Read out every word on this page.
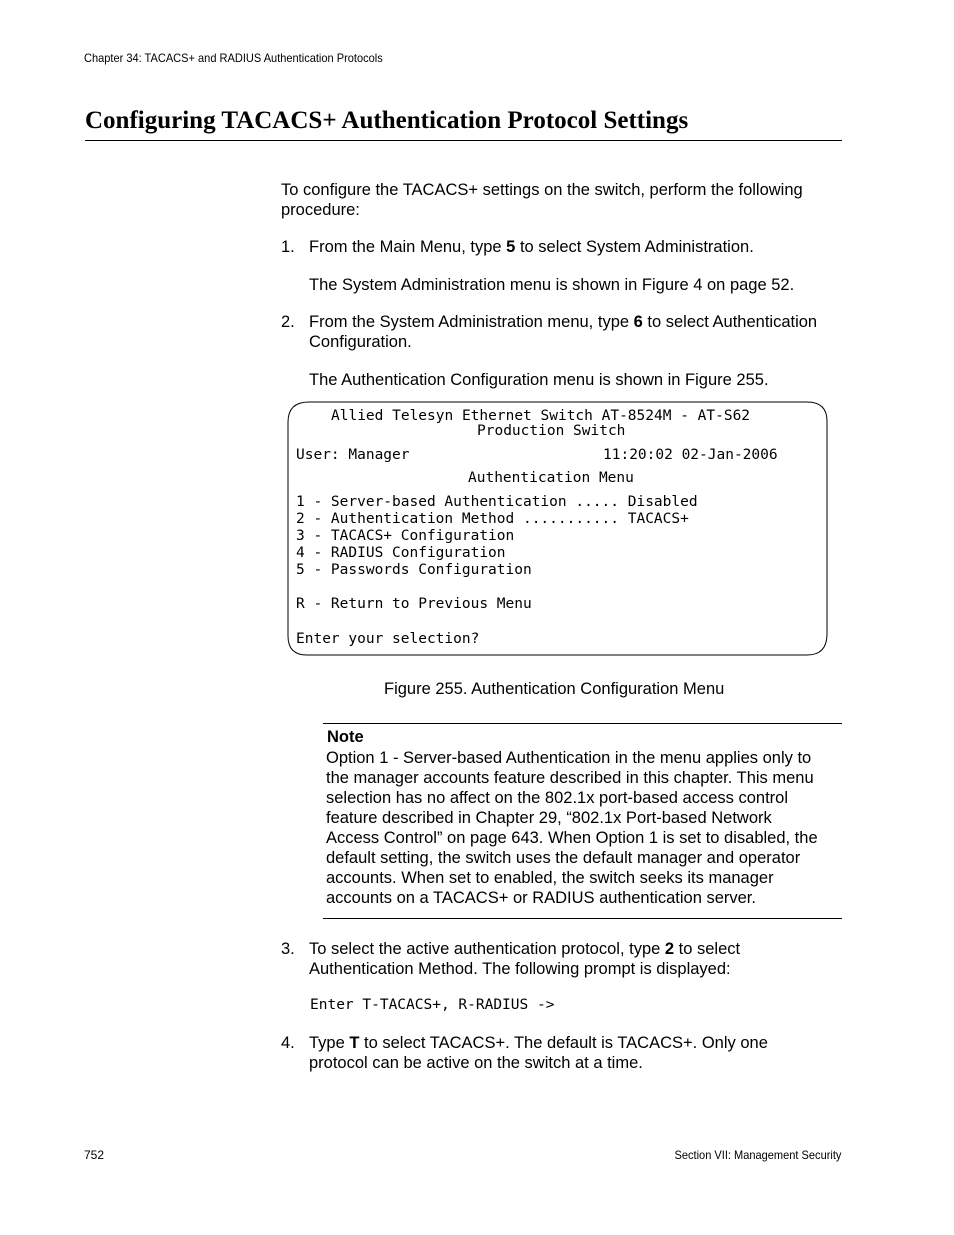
Chapter 34: TACACS+ and RADIUS Authentication Protocols
Configuring TACACS+ Authentication Protocol Settings
To configure the TACACS+ settings on the switch, perform the following
procedure:
1. From the Main Menu, type 5 to select System Administration.
The System Administration menu is shown in Figure 4 on page 52.
2. From the System Administration menu, type 6 to select Authentication
Configuration.
The Authentication Configuration menu is shown in Figure 255.
Allied Telesyn Ethernet Switch AT-8524M - AT-S62
Production Switch
User: Manager	11:20:02 02-Jan-2006
Authentication Menu
1 - Server-based Authentication ..... Disabled
2 - Authentication Method ........... TACACS+
3 - TACACS+ Configuration
4 - RADIUS Configuration
5 - Passwords Configuration
R - Return to Previous Menu
Enter your selection?
Figure 255. Authentication Configuration Menu
Note
Option 1 - Server-based Authentication in the menu applies only to
the manager accounts feature described in this chapter. This menu
selection has no affect on the 802.1x port-based access control
feature described in Chapter 29, “802.1x Port-based Network
Access Control” on page 643. When Option 1 is set to disabled, the
default setting, the switch uses the default manager and operator
accounts. When set to enabled, the switch seeks its manager
accounts on a TACACS+ or RADIUS authentication server.
3. To select the active authentication protocol, type 2 to select
Authentication Method. The following prompt is displayed:
Enter T-TACACS+, R-RADIUS ->
4. Type T to select TACACS+. The default is TACACS+. Only one
protocol can be active on the switch at a time.
752	Section VII: Management Security
